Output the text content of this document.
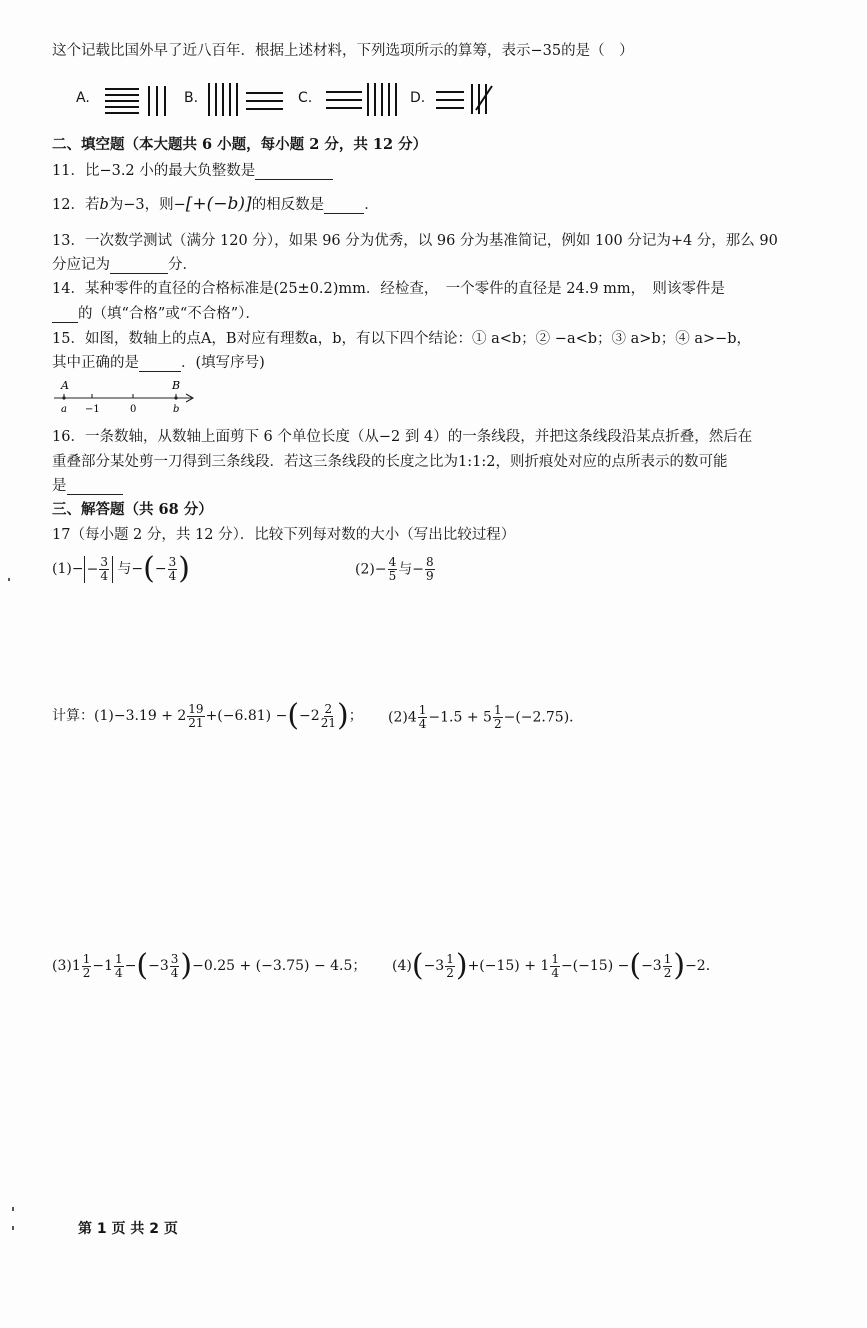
这个记载比国外早了近八百年．根据上述材料，下列选项所示的算筹，表示−35的是（　）
A.	B.	C.	D.
二、填空题（本大题共 6 小题，每小题 2 分，共 12 分）
11．比−3.2 小的最大负整数是
12．若b为−3，则−[+(−b)]的相反数是	．
13．一次数学测试（满分 120 分），如果 96 分为优秀，以 96 分为基准简记，例如 100 分记为+4 分，那么 90
分应记为	分．
14．某种零件的直径的合格标准是(25±0.2)mm．经检查，　一个零件的直径是 24.9 mm，　则该零件是
的（填“合格”或“不合格”）．
15．如图，数轴上的点A，B对应有理数a，b，有以下四个结论：① a<b；② −a<b；③ a>b；④ a>−b，
其中正确的是	．(填写序号)
A	B
a −1	0	b
16．一条数轴，从数轴上面剪下 6 个单位长度（从−2 到 4）的一条线段，并把这条线段沿某点折叠，然后在
重叠部分某处剪一刀得到三条线段．若这三条线段的长度之比为1:1:2，则折痕处对应的点所表示的数可能
是
三、解答题（共 68 分）
17（每小题 2 分，共 12 分）．比较下列每对数的大小（写出比较过程）
$(1)- - \frac{3}{4}$ 与−(− $\frac{3}{4}$ )	$(2)- \frac{4}{5}$ 与− $\frac{8}{9}$
计算：$(1)-3.19 + 2 \frac{19}{21} +(-6.81) -(-2 \frac{2}{21}$ )； $(2)4 \frac{1}{4} -1.5 + 5 \frac{1}{2} -(-2.75)$．
$(3)1 \frac{1}{2} -1 \frac{1}{4} -(-3 \frac{3}{4} )-0.25 + (-3.75) - 4.5$； $(4)(-3 \frac{1}{2} )+(-15) + 1 \frac{1}{4} -(-15) -(-3 \frac{1}{2} )-2$．
第 1 页 共 2 页
